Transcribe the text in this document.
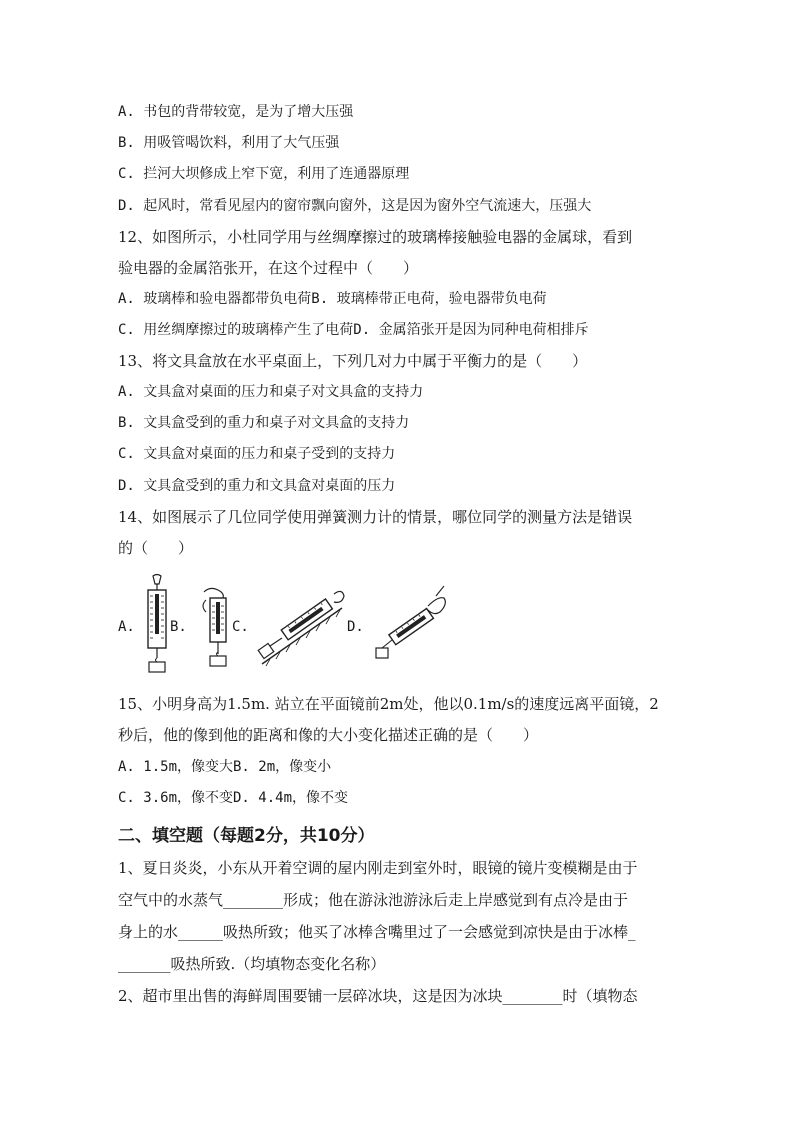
A. 书包的背带较宽，是为了增大压强
B. 用吸管喝饮料，利用了大气压强
C. 拦河大坝修成上窄下宽，利用了连通器原理
D. 起风时，常看见屋内的窗帘飘向窗外，这是因为窗外空气流速大，压强大
12、如图所示，小杜同学用与丝绸摩擦过的玻璃棒接触验电器的金属球，看到
验电器的金属箔张开，在这个过程中（　　）
A. 玻璃棒和验电器都带负电荷B. 玻璃棒带正电荷，验电器带负电荷
C. 用丝绸摩擦过的玻璃棒产生了电荷D. 金属箔张开是因为同种电荷相排斥
13、将文具盒放在水平桌面上，下列几对力中属于平衡力的是（　　）
A. 文具盒对桌面的压力和桌子对文具盒的支持力
B. 文具盒受到的重力和桌子对文具盒的支持力
C. 文具盒对桌面的压力和桌子受到的支持力
D. 文具盒受到的重力和文具盒对桌面的压力
14、如图展示了几位同学使用弹簧测力计的情景，哪位同学的测量方法是错误
的（　　）
A.	B.	C.	D.
15、小明身高为1.5m. 站立在平面镜前2m处，他以0.1m/s的速度远离平面镜，2
秒后，他的像到他的距离和像的大小变化描述正确的是（　　）
A. 1.5m，像变大B. 2m，像变小
C. 3.6m，像不变D. 4.4m，像不变
二、填空题（每题2分，共10分）
1、夏日炎炎，小东从开着空调的屋内刚走到室外时，眼镜的镜片变模糊是由于
空气中的水蒸气________形成；他在游泳池游泳后走上岸感觉到有点冷是由于
身上的水______吸热所致；他买了冰棒含嘴里过了一会感觉到凉快是由于冰棒_
_______吸热所致.（均填物态变化名称）
2、超市里出售的海鲜周围要铺一层碎冰块，这是因为冰块________时（填物态
